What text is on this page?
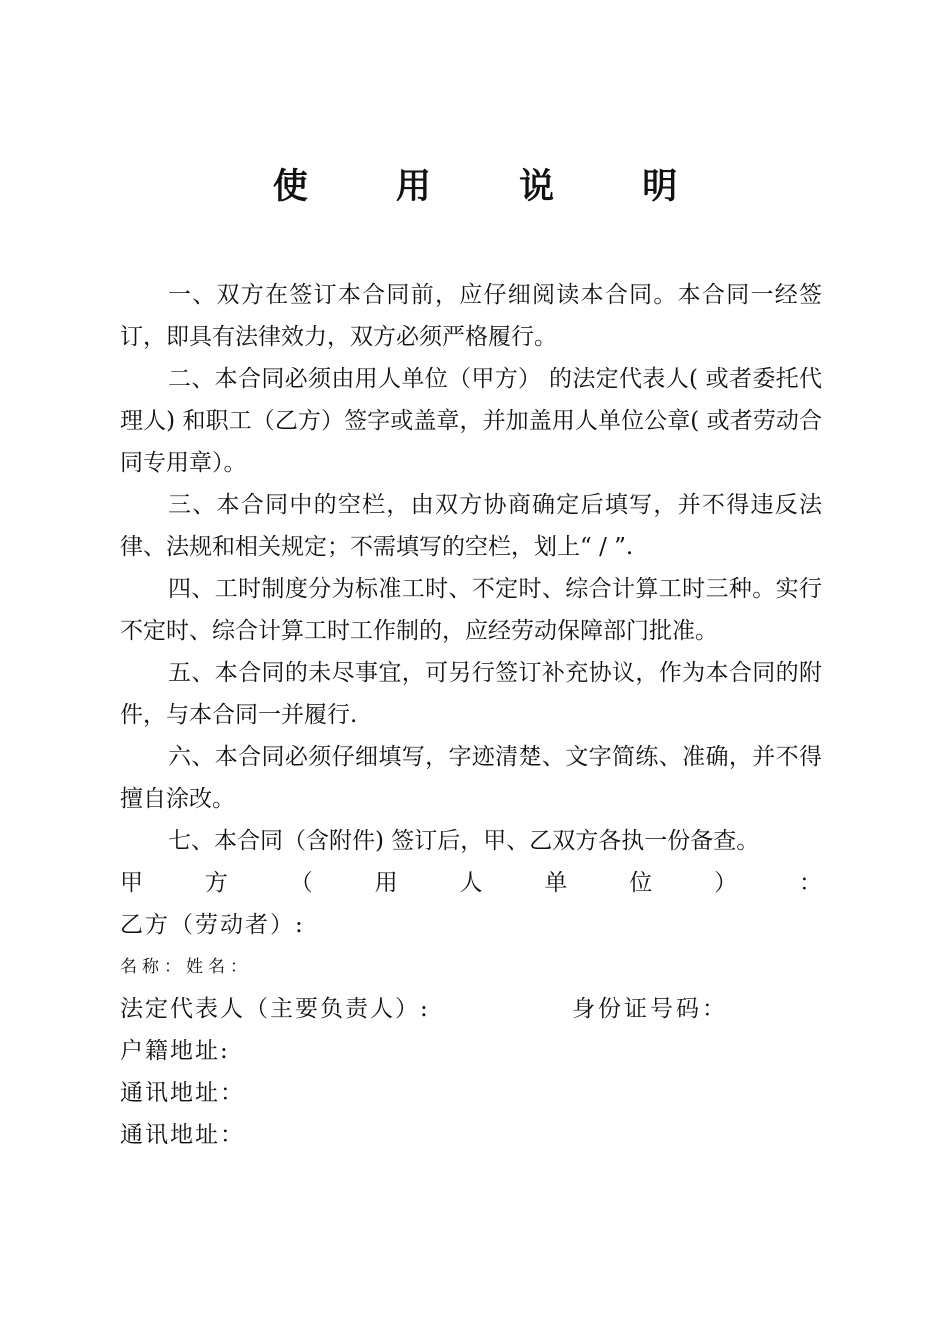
使 用 说 明

一、双方在签订本合同前，应仔细阅读本合同。本合同一经签订，即具有法律效力，双方必须严格履行。

二、本合同必须由用人单位（甲方） 的法定代表人( 或者委托代理人) 和职工（乙方）签字或盖章，并加盖用人单位公章( 或者劳动合同专用章）。

三、本合同中的空栏，由双方协商确定后填写，并不得违反法律、法规和相关规定；不需填写的空栏，划上“ / ”.

四、工时制度分为标准工时、不定时、综合计算工时三种。实行不定时、综合计算工时工作制的，应经劳动保障部门批准。

五、本合同的未尽事宜，可另行签订补充协议，作为本合同的附件，与本合同一并履行.

六、本合同必须仔细填写，字迹清楚、文字简练、准确，并不得擅自涂改。

七、本合同（含附件) 签订后，甲、乙双方各执一份备查。

甲	方	（	用	人	单	位	）	：

乙方（劳动者）:

名称：姓名：

法定代表人（主要负责人）:	身份证号码：

户籍地址:

通讯地址：

通讯地址：
